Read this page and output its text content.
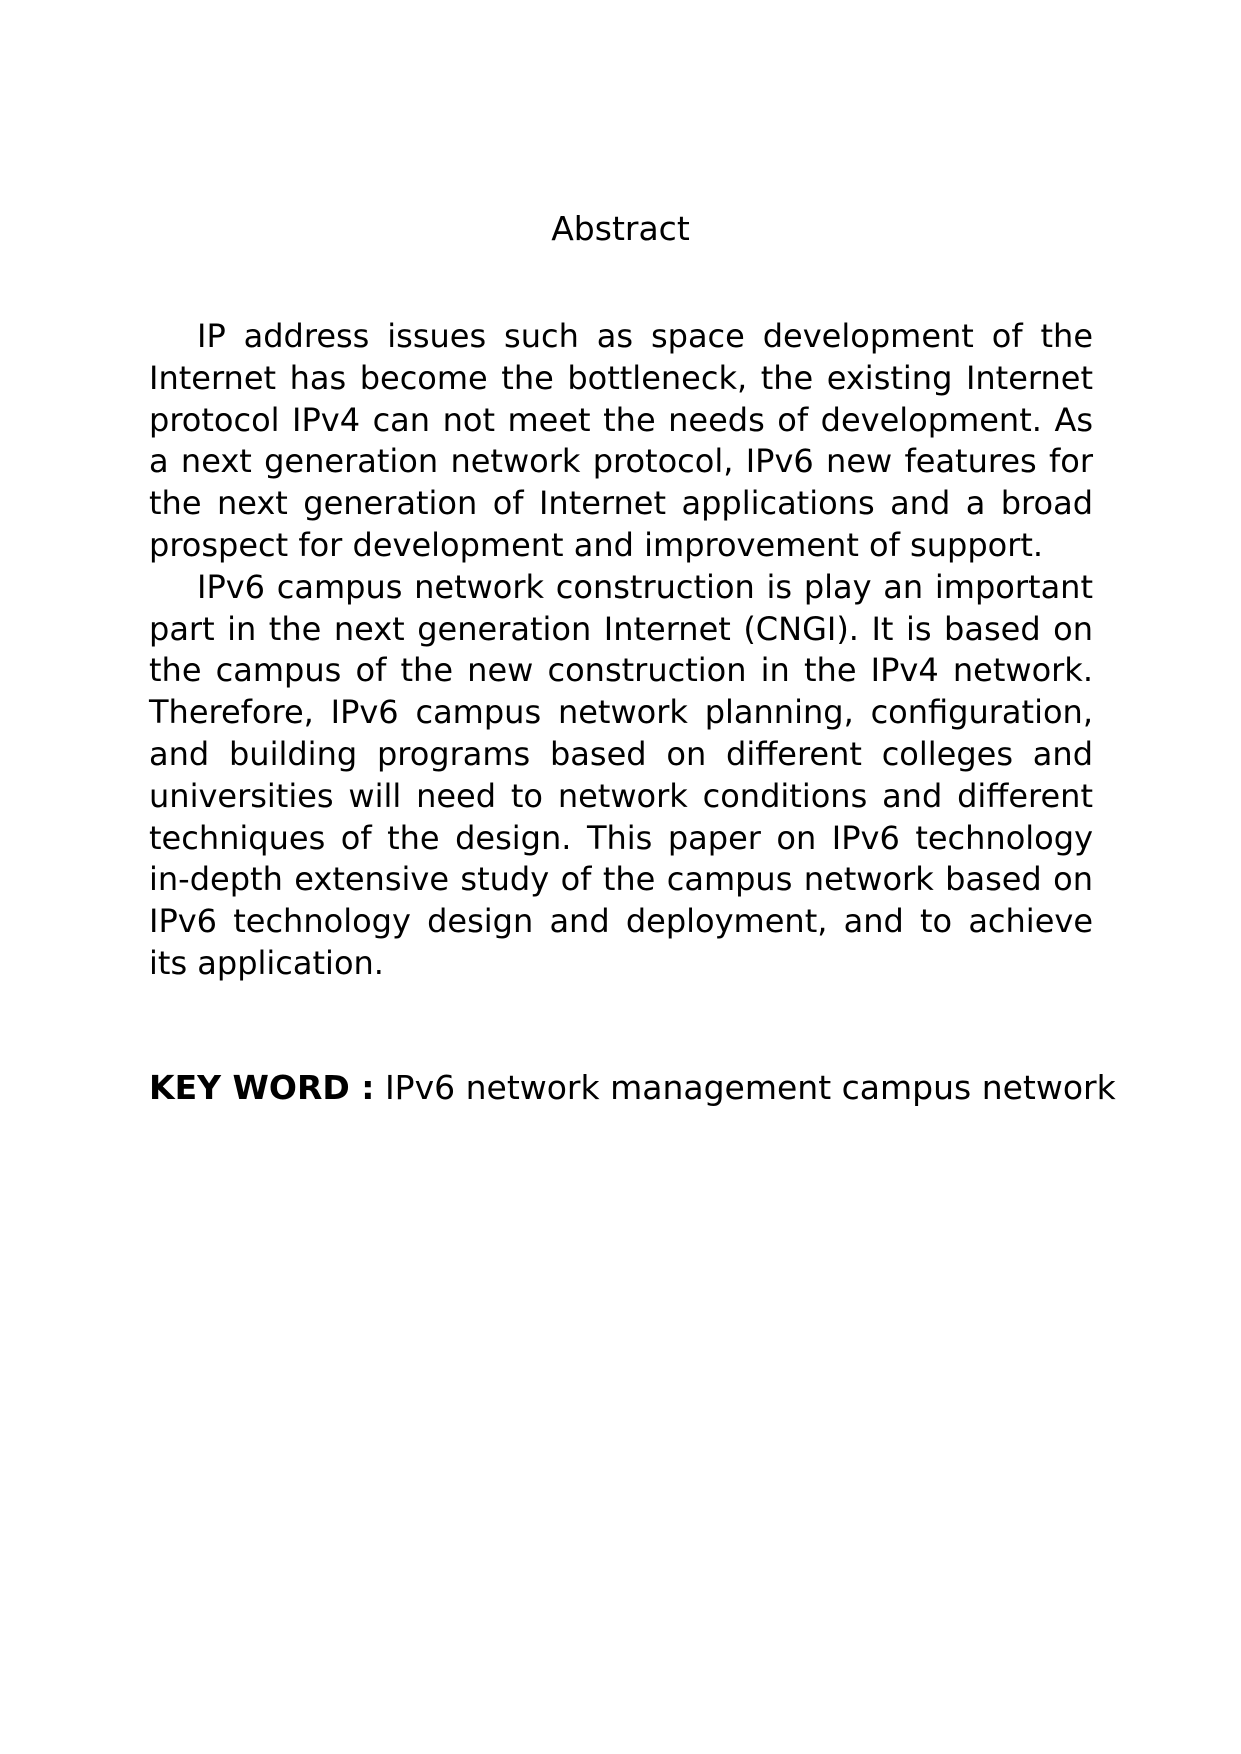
Abstract

IP address issues such as space development of the Internet has become the bottleneck, the existing Internet protocol IPv4 can not meet the needs of development. As a next generation network protocol, IPv6 new features for the next generation of Internet applications and a broad prospect for development and improvement of support.

IPv6 campus network construction is play an important part in the next generation Internet (CNGI). It is based on the campus of the new construction in the IPv4 network. Therefore, IPv6 campus network planning, configuration, and building programs based on different colleges and universities will need to network conditions and different techniques of the design. This paper on IPv6 technology in-depth extensive study of the campus network based on IPv6 technology design and deployment, and to achieve its application.

KEY WORD : IPv6 network management campus network
